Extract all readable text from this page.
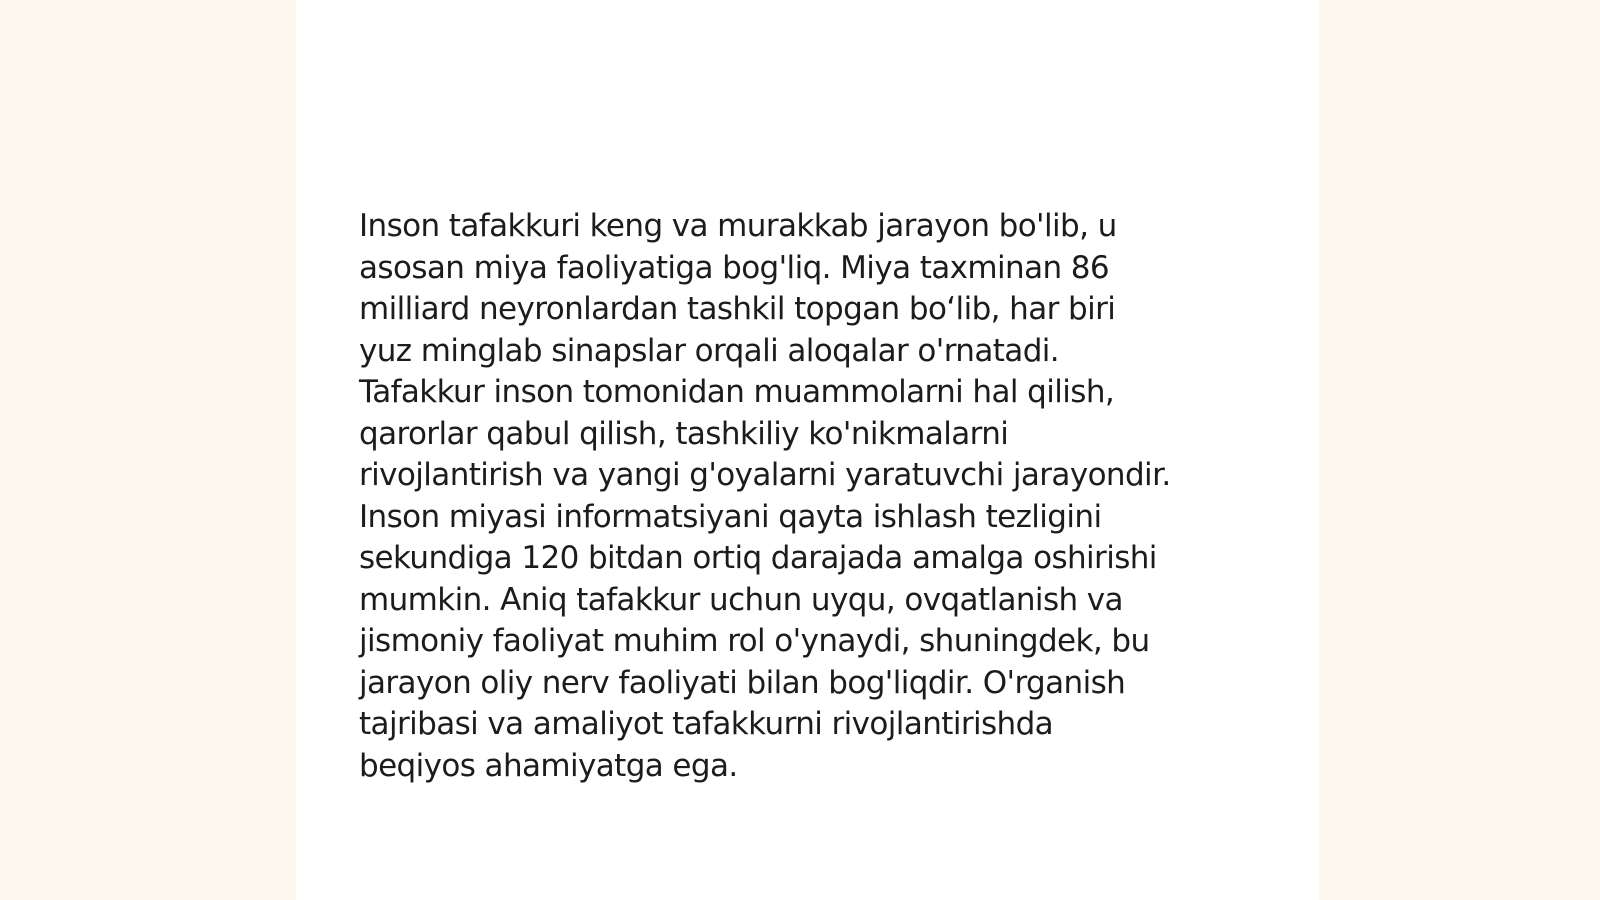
Inson tafakkuri keng va murakkab jarayon bo'lib, u
asosan miya faoliyatiga bog'liq. Miya taxminan 86
milliard neyronlardan tashkil topgan bo‘lib, har biri
yuz minglab sinapslar orqali aloqalar o'rnatadi.
Tafakkur inson tomonidan muammolarni hal qilish,
qarorlar qabul qilish, tashkiliy ko'nikmalarni
rivojlantirish va yangi g'oyalarni yaratuvchi jarayondir.
Inson miyasi informatsiyani qayta ishlash tezligini
sekundiga 120 bitdan ortiq darajada amalga oshirishi
mumkin. Aniq tafakkur uchun uyqu, ovqatlanish va
jismoniy faoliyat muhim rol o'ynaydi, shuningdek, bu
jarayon oliy nerv faoliyati bilan bog'liqdir. O'rganish
tajribasi va amaliyot tafakkurni rivojlantirishda
beqiyos ahamiyatga ega.
